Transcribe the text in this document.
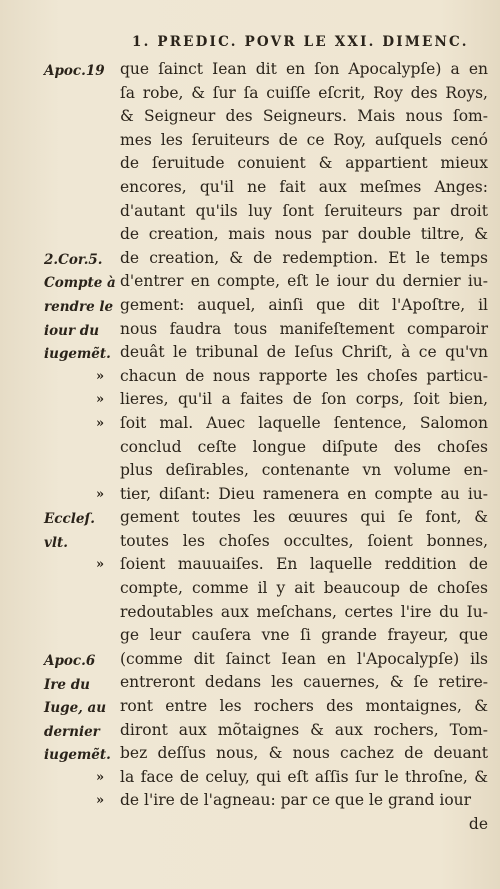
1. PREDIC. POVR LE XXI. DIMENC.
que ſainct Iean dit en ſon Apocalypſe) a en
ſa robe, & ſur ſa cuiſſe eſcrit, Roy des Roys,
& Seigneur des Seigneurs. Mais nous ſom-
mes les ſeruiteurs de ce Roy, auſquels cenó
de ſeruitude conuient & appartient mieux
encores, qu'il ne fait aux meſmes Anges:
d'autant qu'ils luy ſont ſeruiteurs par droit
de creation, mais nous par double tiltre, &
de creation, & de redemption. Et le temps
d'entrer en compte, eſt le iour du dernier iu-
gement: auquel, ainſi que dit l'Apoſtre, il
nous faudra tous manifeſtement comparoir
deuât le tribunal de Ieſus Chriſt, à ce qu'vn
» chacun de nous rapporte les choſes particu-
» lieres, qu'il a faites de ſon corps, ſoit bien,
» ſoit mal. Auec laquelle ſentence, Salomon
conclud ceſte longue diſpute des choſes
plus deſirables, contenante vn volume en-
» tier, diſant: Dieu ramenera en compte au iu-
gement toutes les œuures qui ſe font, &
toutes les choſes occultes, ſoient bonnes,
» ſoient mauuaiſes. En laquelle reddition de
compte, comme il y ait beaucoup de choſes
redoutables aux meſchans, certes l'ire du Iu-
ge leur cauſera vne ſi grande frayeur, que
(comme dit ſainct Iean en l'Apocalypſe) ils
entreront dedans les cauernes, & ſe retire-
ront entre les rochers des montaignes, &
diront aux mõtaignes & aux rochers, Tom-
bez deſſus nous, & nous cachez de deuant
» la face de celuy, qui eſt aſſis ſur le throſne, &
» de l'ire de l'agneau: par ce que le grand iour
de
Apoc.19
2.Cor.5.
Compte à
rendre le
iour du
iugemẽt.
Eccleſ.
vlt.
Apoc.6
Ire du
Iuge, au
dernier
iugemẽt.
